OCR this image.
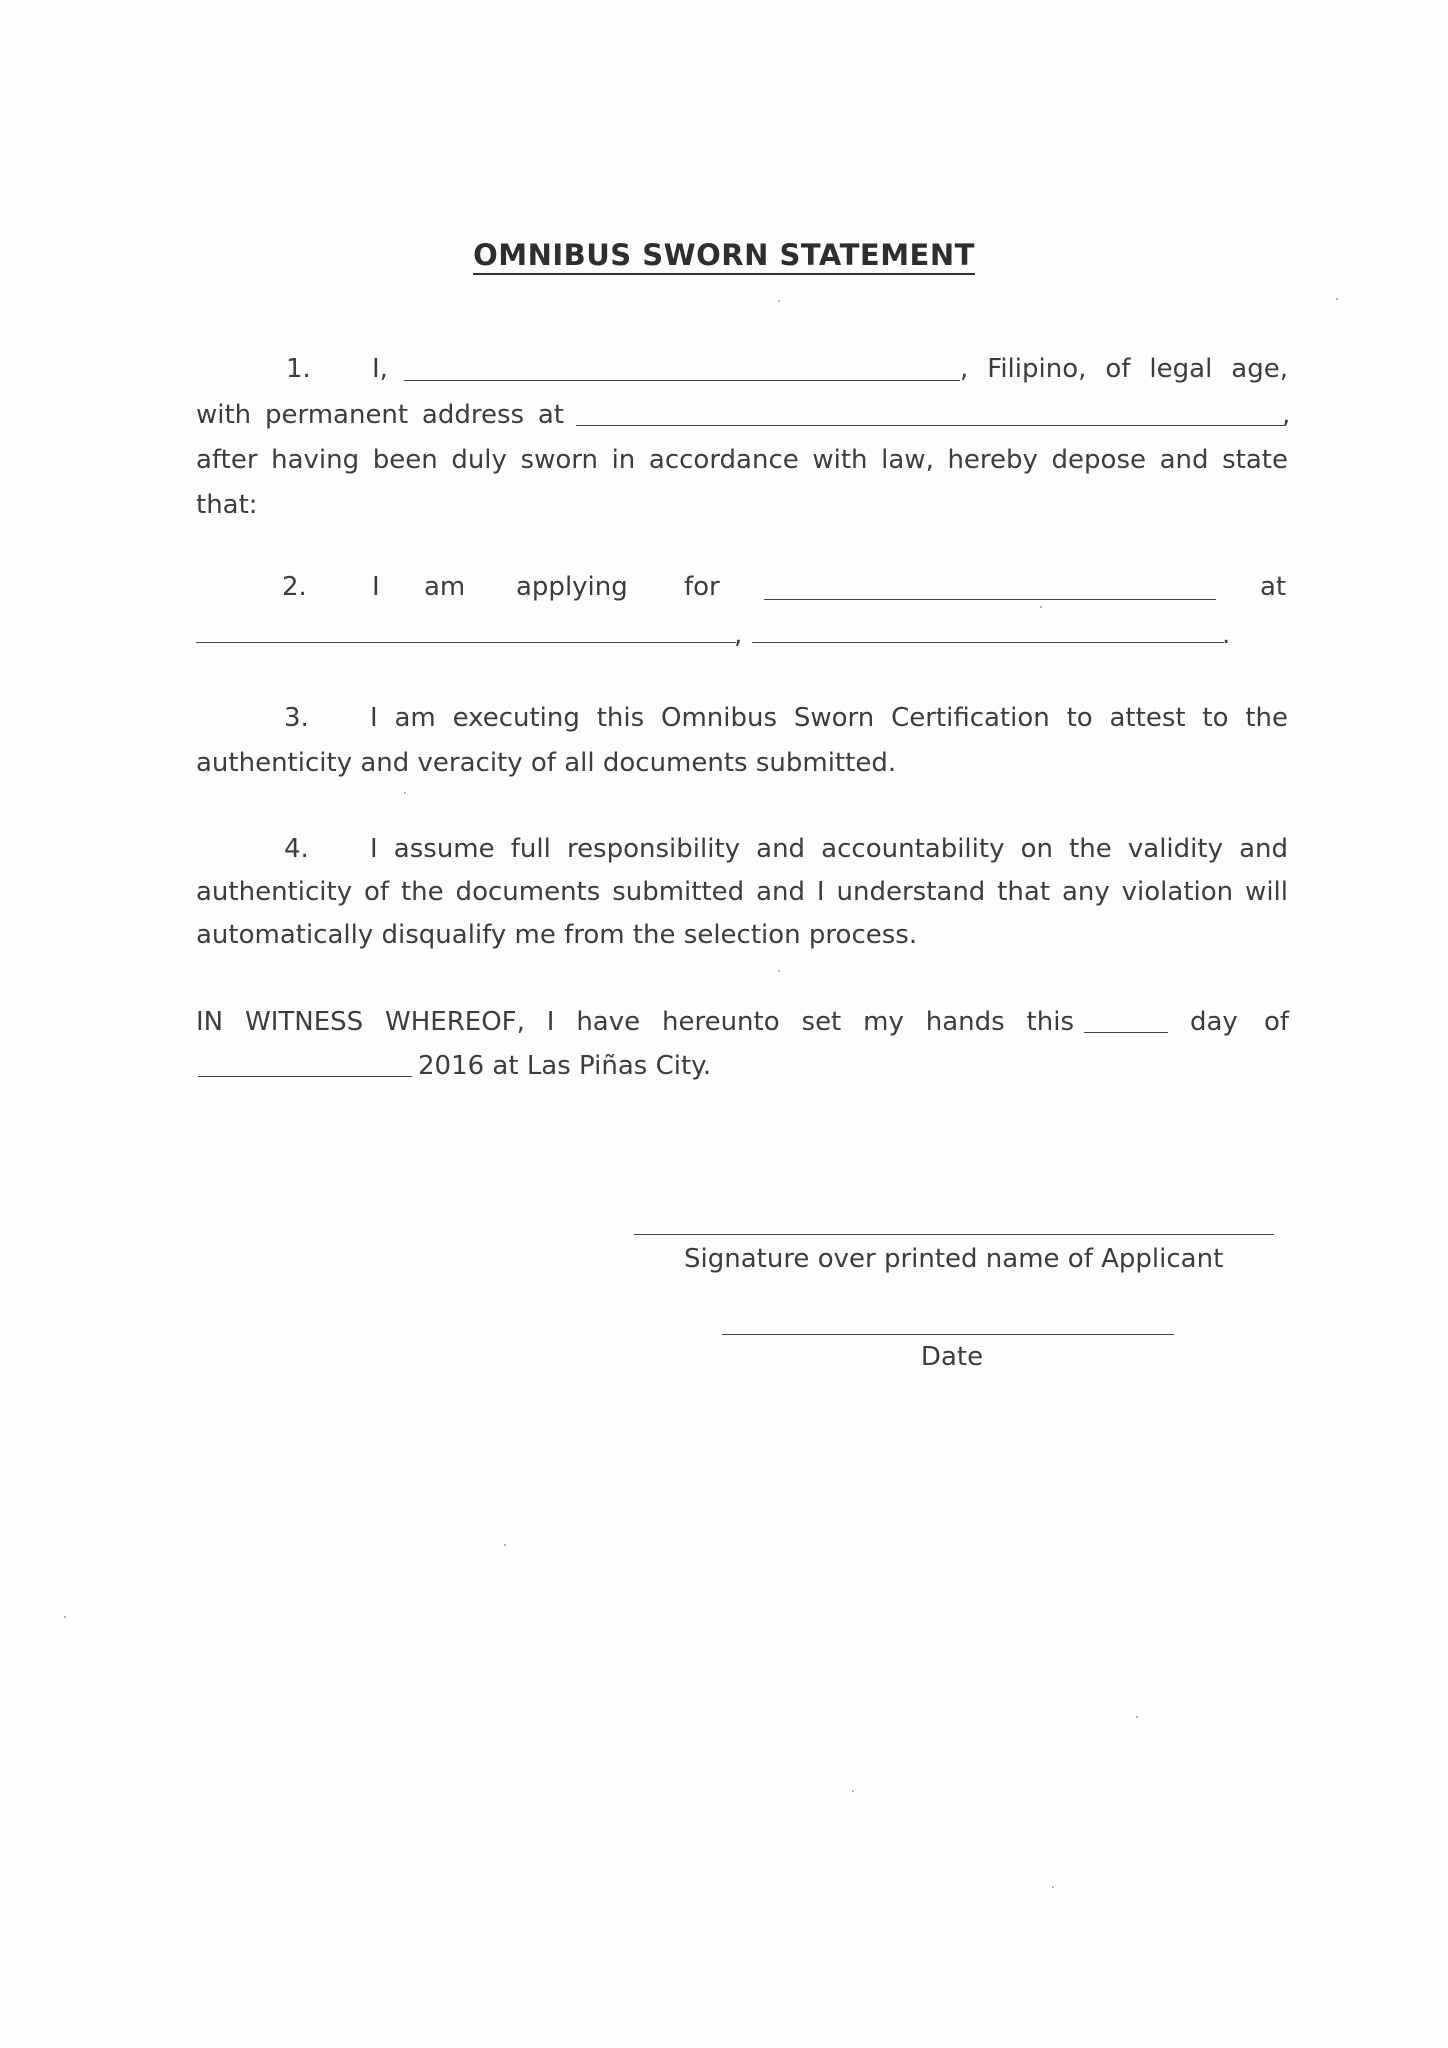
OMNIBUS SWORN STATEMENT
1. I,	, Filipino, of legal age,
with permanent address at	,
after having been duly sworn in accordance with law, hereby depose and state
that:
2.	I am applying for	at
,	.
3. I am executing this Omnibus Sworn Certification to attest to the
authenticity and veracity of all documents submitted.
4. I assume full responsibility and accountability on the validity and
authenticity of the documents submitted and I understand that any violation will
automatically disqualify me from the selection process.
IN WITNESS WHEREOF, I have hereunto set my hands this	day of
2016 at Las Piñas City.
Signature over printed name of Applicant
Date
